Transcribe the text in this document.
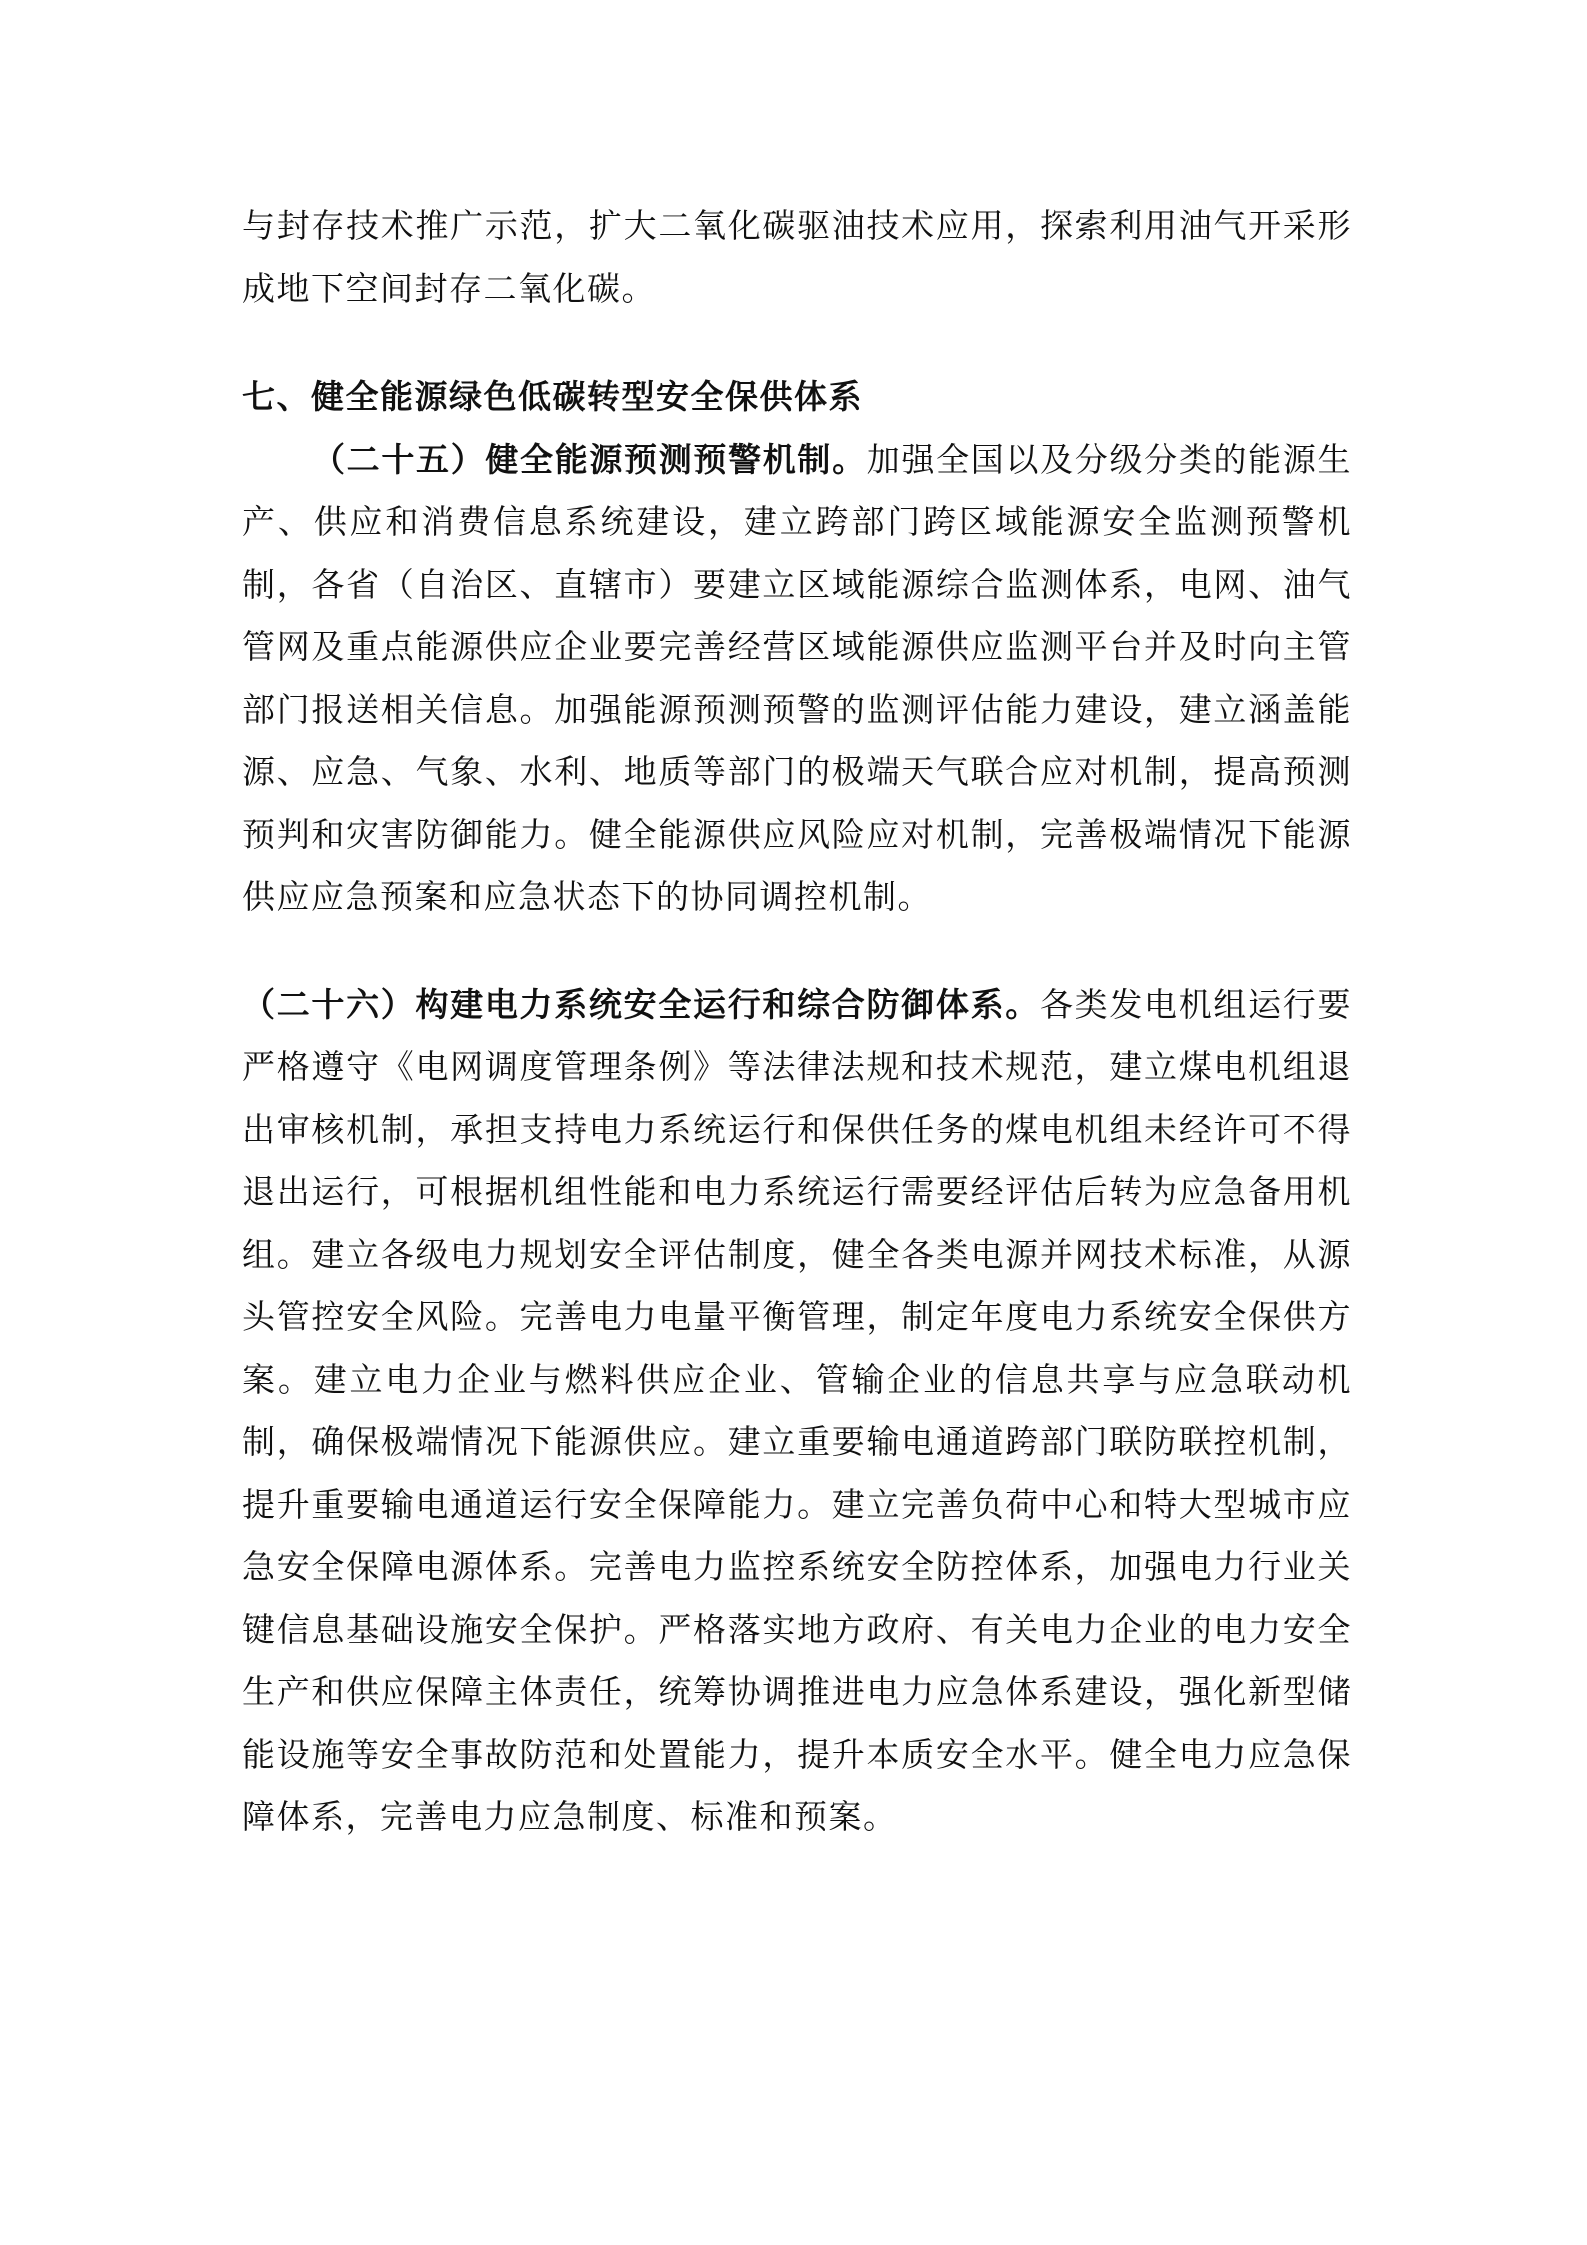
与封存技术推广示范，扩大二氧化碳驱油技术应用，探索利用油气开采形成地下空间封存二氧化碳。

七、健全能源绿色低碳转型安全保供体系

（二十五）健全能源预测预警机制。加强全国以及分级分类的能源生产、供应和消费信息系统建设，建立跨部门跨区域能源安全监测预警机制，各省（自治区、直辖市）要建立区域能源综合监测体系，电网、油气管网及重点能源供应企业要完善经营区域能源供应监测平台并及时向主管部门报送相关信息。加强能源预测预警的监测评估能力建设，建立涵盖能源、应急、气象、水利、地质等部门的极端天气联合应对机制，提高预测预判和灾害防御能力。健全能源供应风险应对机制，完善极端情况下能源供应应急预案和应急状态下的协同调控机制。

（二十六）构建电力系统安全运行和综合防御体系。各类发电机组运行要严格遵守《电网调度管理条例》等法律法规和技术规范，建立煤电机组退出审核机制，承担支持电力系统运行和保供任务的煤电机组未经许可不得退出运行，可根据机组性能和电力系统运行需要经评估后转为应急备用机组。建立各级电力规划安全评估制度，健全各类电源并网技术标准，从源头管控安全风险。完善电力电量平衡管理，制定年度电力系统安全保供方案。建立电力企业与燃料供应企业、管输企业的信息共享与应急联动机制，确保极端情况下能源供应。建立重要输电通道跨部门联防联控机制，提升重要输电通道运行安全保障能力。建立完善负荷中心和特大型城市应急安全保障电源体系。完善电力监控系统安全防控体系，加强电力行业关键信息基础设施安全保护。严格落实地方政府、有关电力企业的电力安全生产和供应保障主体责任，统筹协调推进电力应急体系建设，强化新型储能设施等安全事故防范和处置能力，提升本质安全水平。健全电力应急保障体系，完善电力应急制度、标准和预案。
